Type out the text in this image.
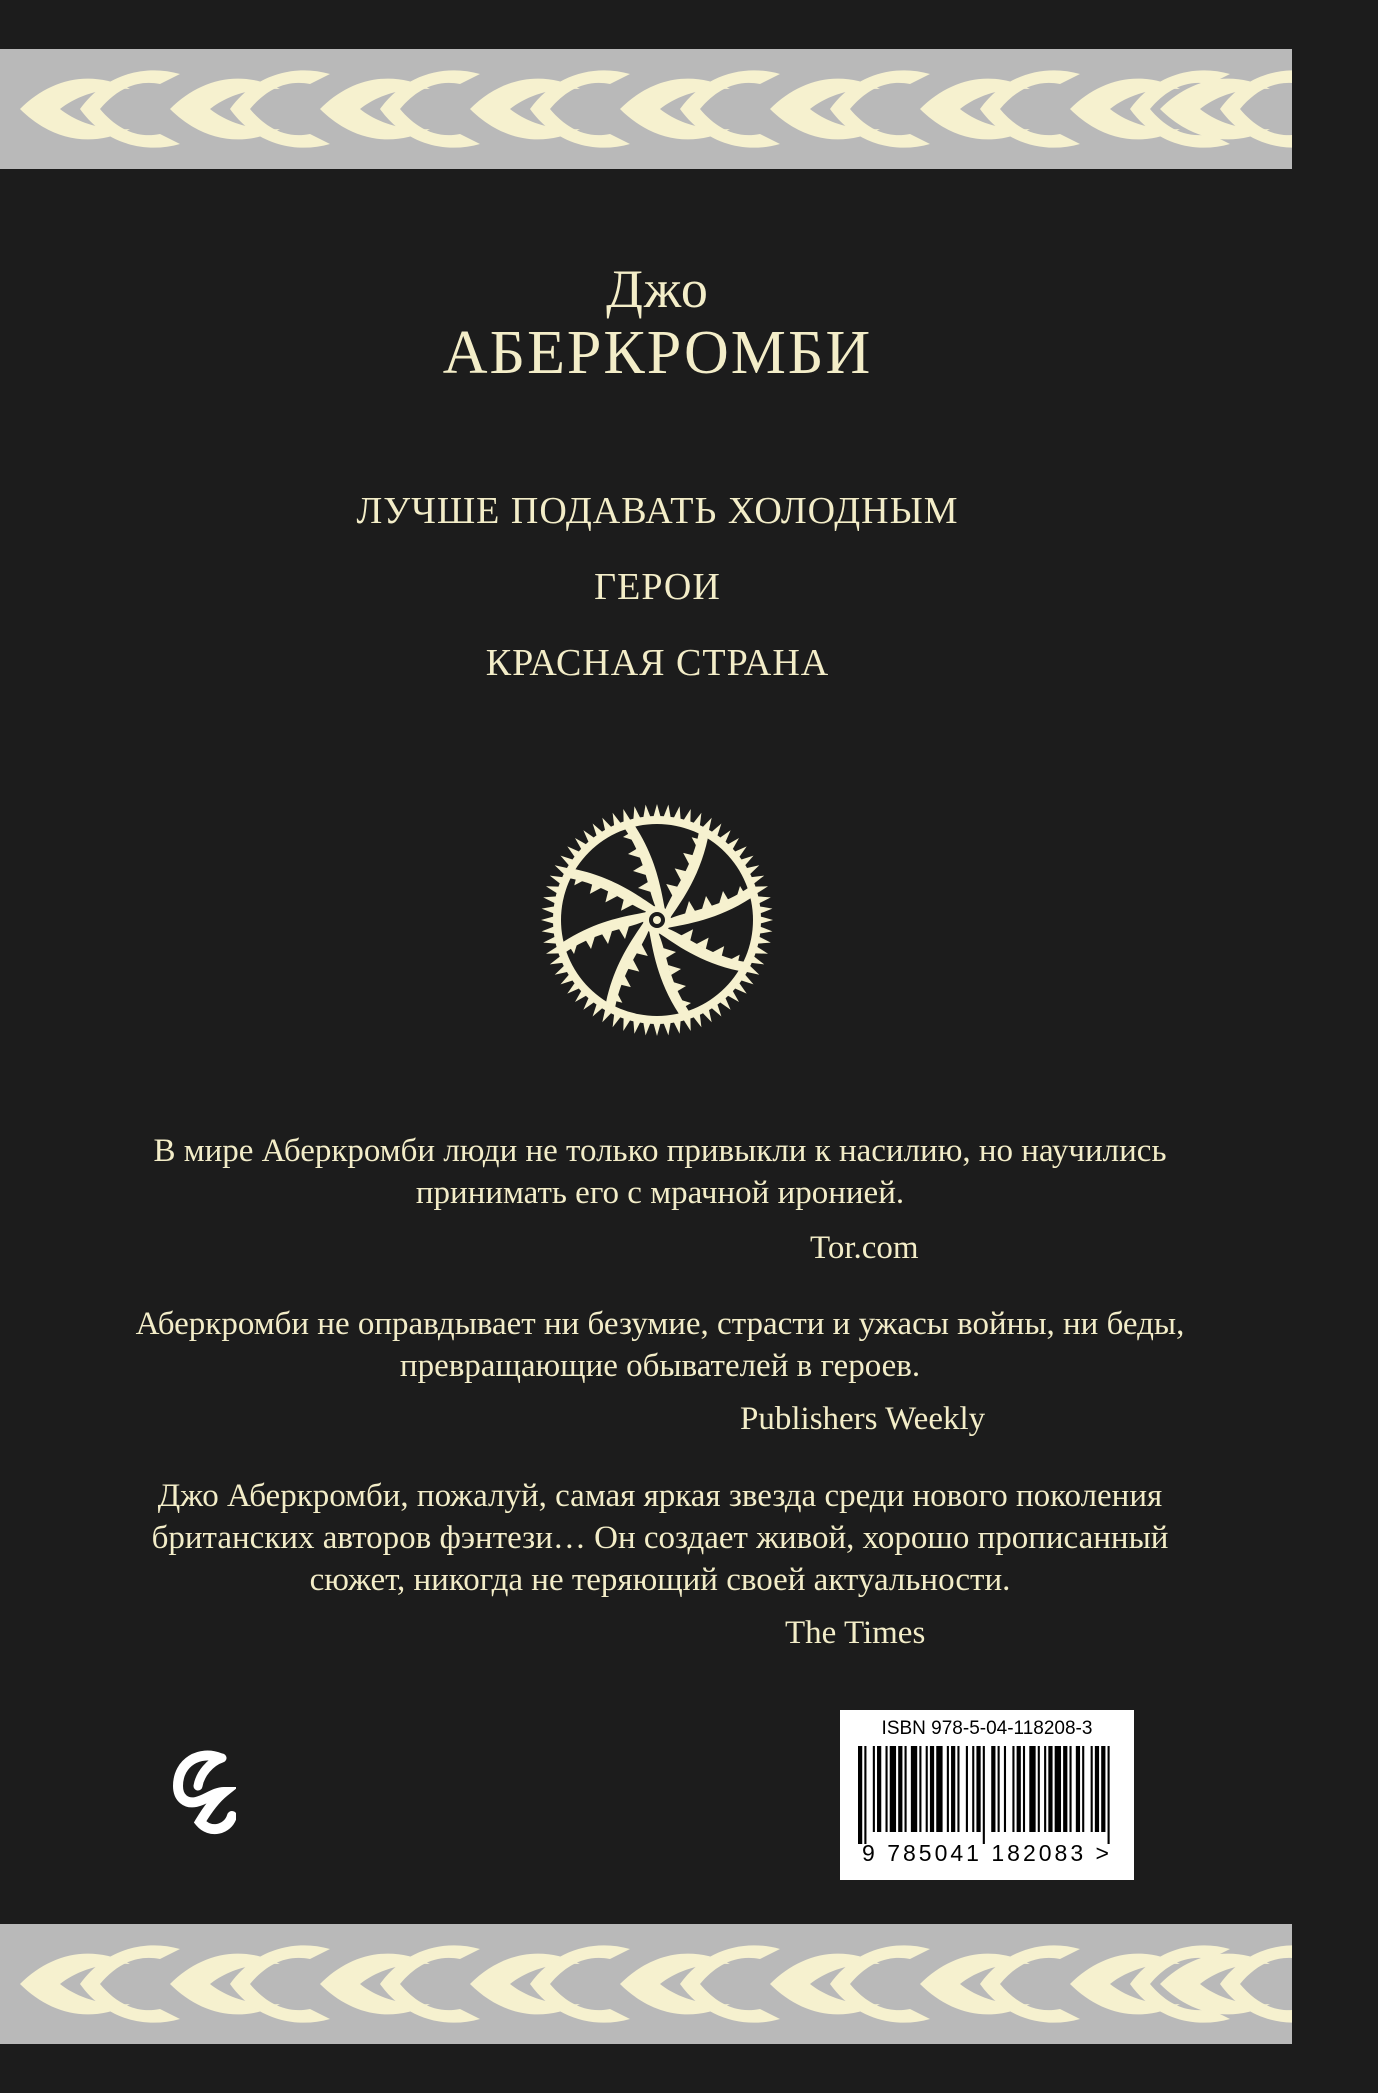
Джо
АБЕРКРОМБИ
ЛУЧШЕ ПОДАВАТЬ ХОЛОДНЫМ
ГЕРОИ
КРАСНАЯ СТРАНА
В мире Аберкромби люди не только привыкли к насилию, но научились
принимать его с мрачной иронией.
Tor.com
Аберкромби не оправдывает ни безумие, страсти и ужасы войны, ни беды,
превращающие обывателей в героев.
Publishers Weekly
Джо Аберкромби, пожалуй, самая яркая звезда среди нового поколения
британских авторов фэнтези… Он создает живой, хорошо прописанный
сюжет, никогда не теряющий своей актуальности.
The Times
ISBN 978-5-04-118208-3
9 785041 182083 >
